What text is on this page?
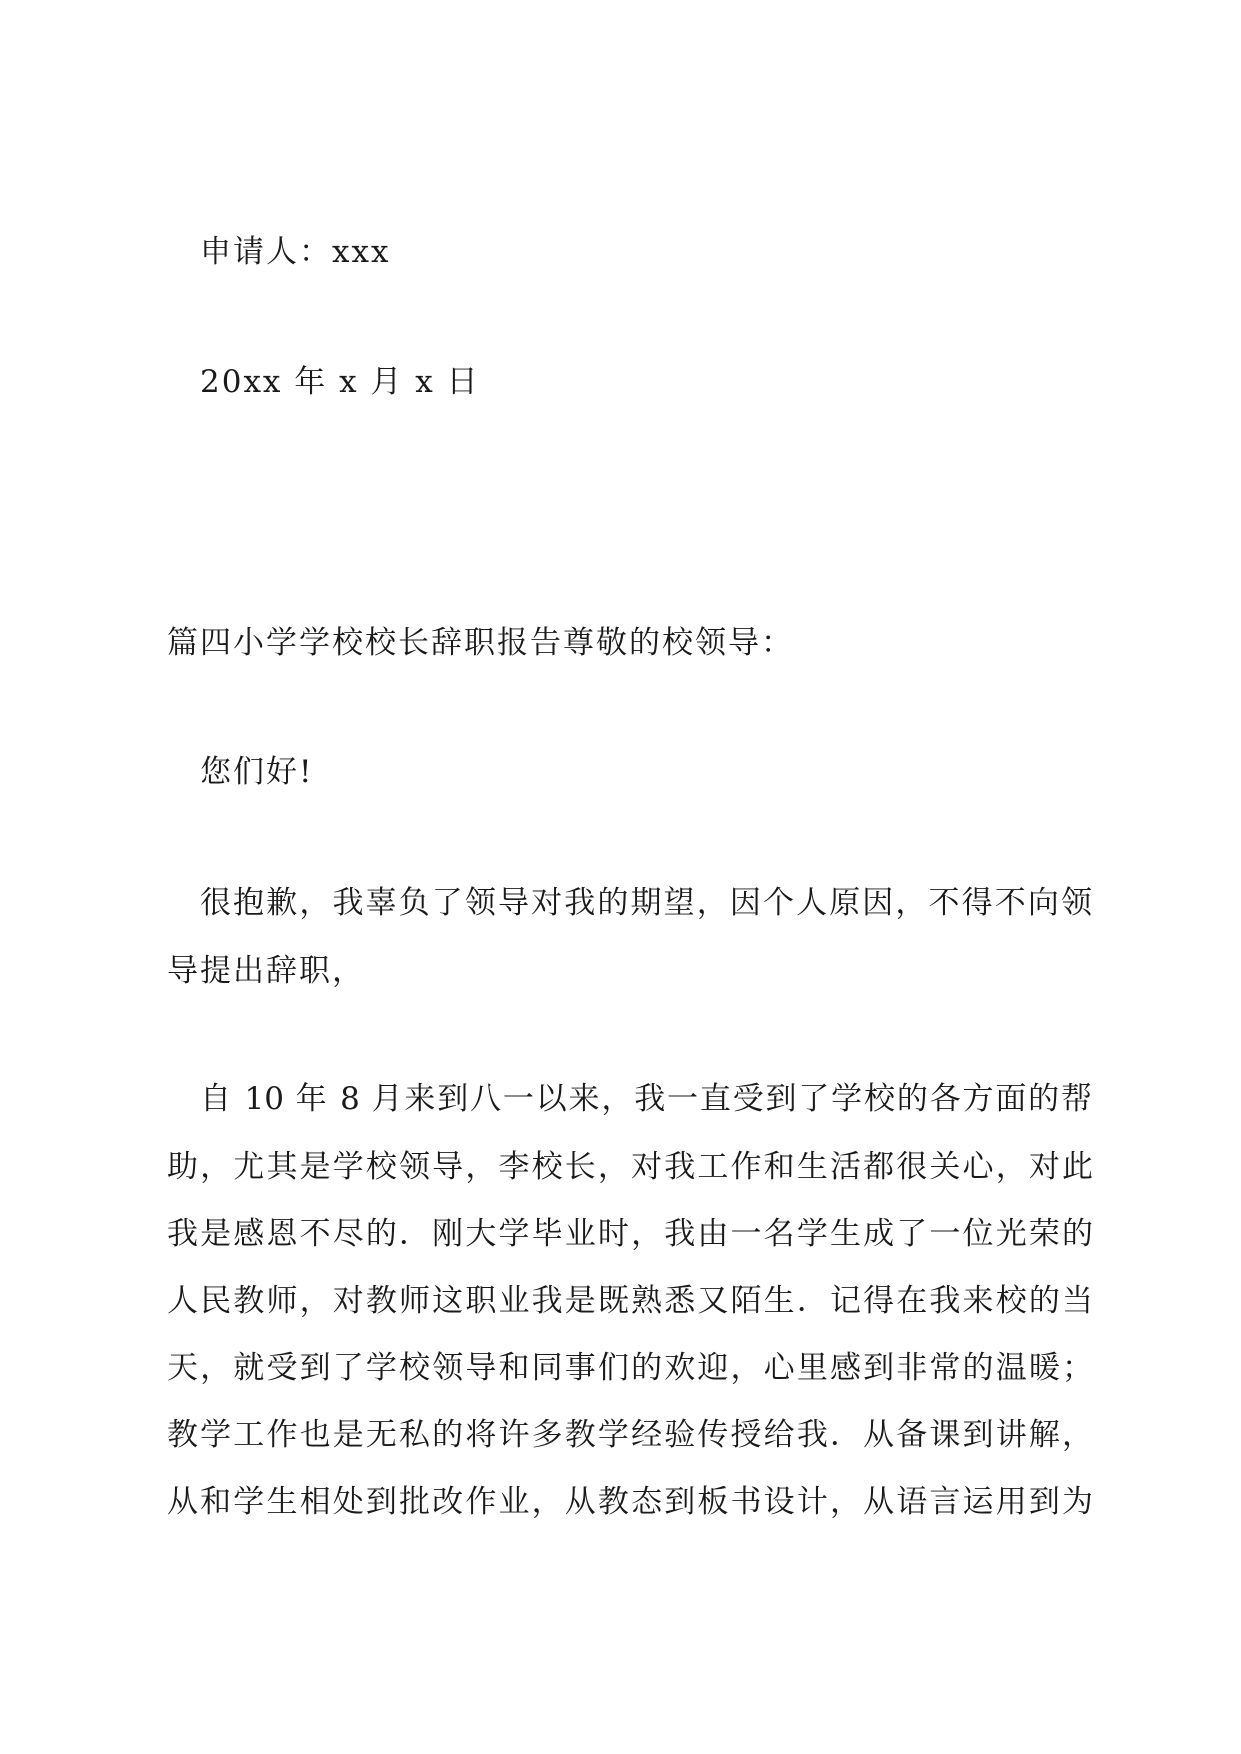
申请人：xxx
20xx 年 x 月 x 日
篇四小学学校校长辞职报告尊敬的校领导：
您们好!
很抱歉，我辜负了领导对我的期望，因个人原因，不得不向领
导提出辞职，
自 10 年 8 月来到八一以来，我一直受到了学校的各方面的帮
助，尤其是学校领导，李校长，对我工作和生活都很关心，对此
我是感恩不尽的．刚大学毕业时，我由一名学生成了一位光荣的
人民教师，对教师这职业我是既熟悉又陌生．记得在我来校的当
天，就受到了学校领导和同事们的欢迎，心里感到非常的温暖；
教学工作也是无私的将许多教学经验传授给我．从备课到讲解，
从和学生相处到批改作业，从教态到板书设计，从语言运用到为
